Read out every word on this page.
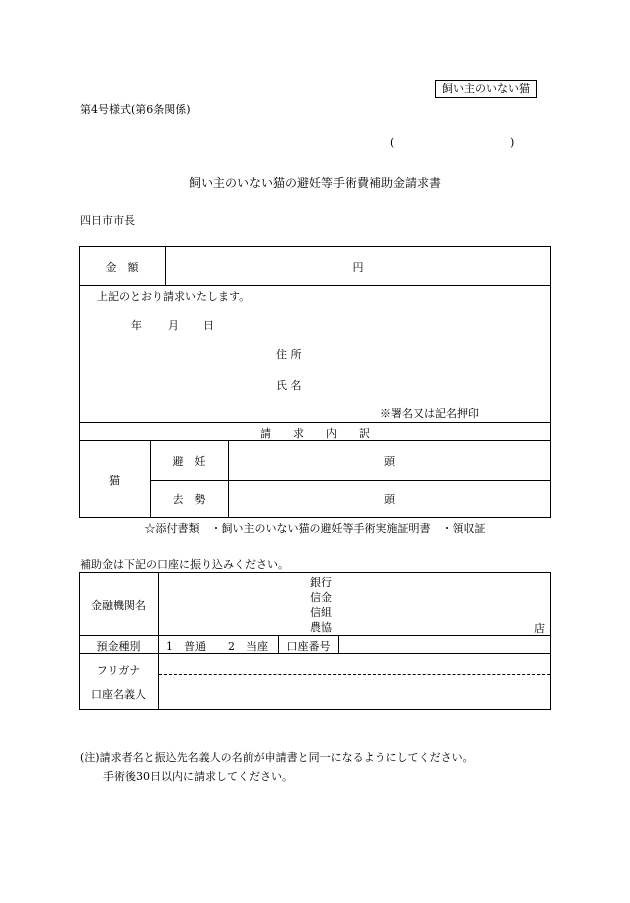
飼い主のいない猫
第4号様式(第6条関係)
(	)
飼い主のいない猫の避妊等手術費補助金請求書
四日市市長
金　額	円
上記のとおり請求いたします。
年 月 日
住 所
氏 名
※署名又は記名押印
請　　求　　内　　訳
猫
避　妊	頭
去　勢	頭
☆添付書類　・飼い主のいない猫の避妊等手術実施証明書　・領収証
補助金は下記の口座に振り込みください。
金融機関名
銀行
信金
信組
農協	店
預金種別	1　普通　　2　当座	口座番号
フリガナ
口座名義人
(注)請求者名と振込先名義人の名前が申請書と同一になるようにしてください。
手術後30日以内に請求してください。
